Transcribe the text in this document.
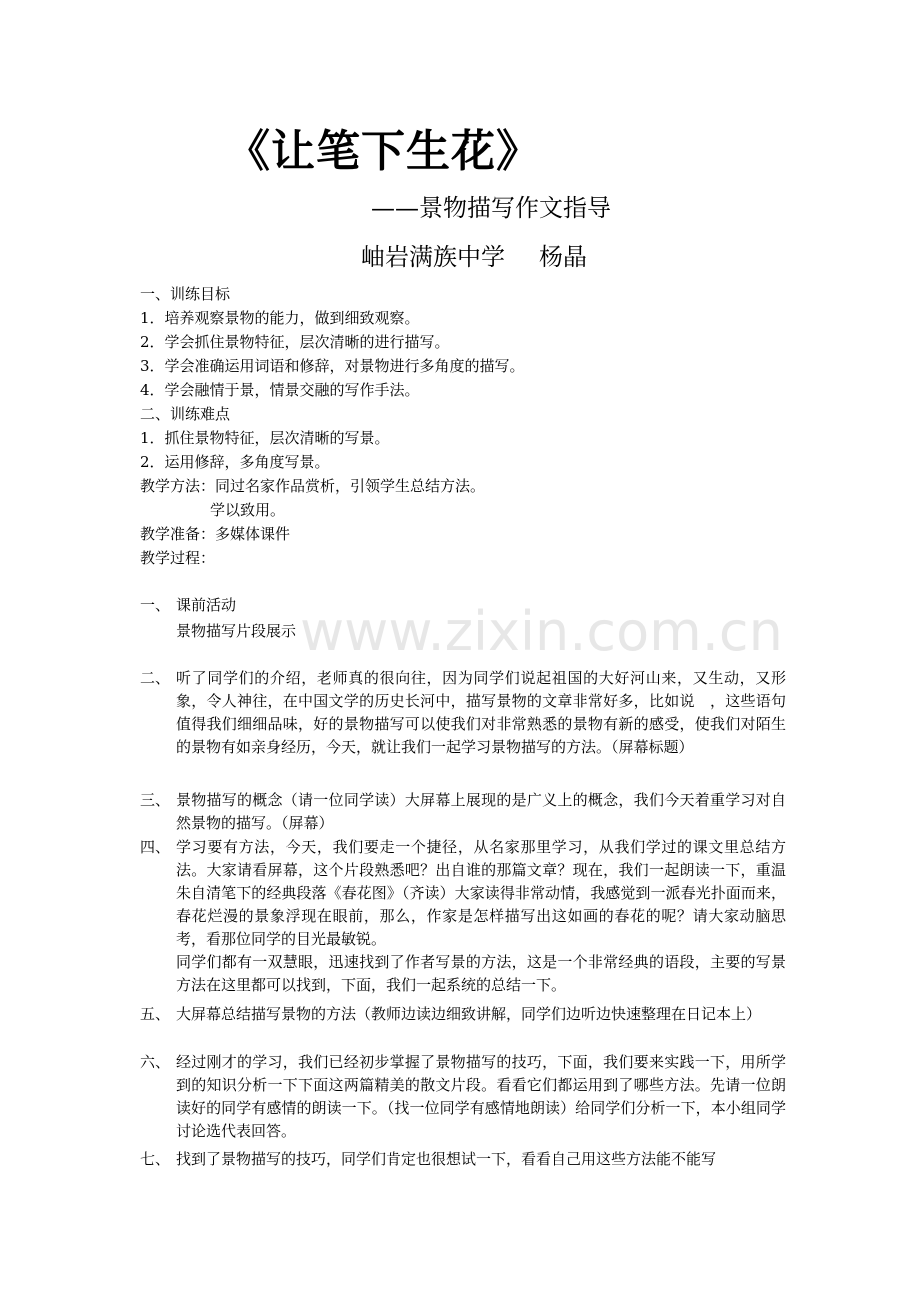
《让笔下生花》
——景物描写作文指导
岫岩满族中学 杨晶
一、训练目标
1．培养观察景物的能力，做到细致观察。
2．学会抓住景物特征，层次清晰的进行描写。
3．学会准确运用词语和修辞，对景物进行多角度的描写。
4．学会融情于景，情景交融的写作手法。
二、训练难点
1．抓住景物特征，层次清晰的写景。
2．运用修辞，多角度写景。
教学方法：同过名家作品赏析，引领学生总结方法。
学以致用。
教学准备：多媒体课件
教学过程：
一、 课前活动

景物描写片段展示
二、 听了同学们的介绍，老师真的很向往，因为同学们说起祖国的大好河山来，又生动，又形象，令人神往，在中国文学的历史长河中，描写景物的文章非常好多，比如说　，这些语句值得我们细细品味，好的景物描写可以使我们对非常熟悉的景物有新的感受，使我们对陌生的景物有如亲身经历，今天，就让我们一起学习景物描写的方法。（屏幕标题）

三、 景物描写的概念（请一位同学读）大屏幕上展现的是广义上的概念，我们今天着重学习对自然景物的描写。（屏幕）

四、 学习要有方法，今天，我们要走一个捷径，从名家那里学习，从我们学过的课文里总结方法。大家请看屏幕，这个片段熟悉吧？出自谁的那篇文章？现在，我们一起朗读一下，重温朱自清笔下的经典段落《春花图》（齐读）大家读得非常动情，我感觉到一派春光扑面而来，春花烂漫的景象浮现在眼前，那么，作家是怎样描写出这如画的春花的呢？请大家动脑思考，看那位同学的目光最敏锐。

同学们都有一双慧眼，迅速找到了作者写景的方法，这是一个非常经典的语段，主要的写景方法在这里都可以找到，下面，我们一起系统的总结一下。

五、 大屏幕总结描写景物的方法（教师边读边细致讲解，同学们边听边快速整理在日记本上）

六、 经过刚才的学习，我们已经初步掌握了景物描写的技巧，下面，我们要来实践一下，用所学到的知识分析一下下面这两篇精美的散文片段。看看它们都运用到了哪些方法。先请一位朗读好的同学有感情的朗读一下。（找一位同学有感情地朗读）给同学们分析一下，本小组同学讨论选代表回答。

七、 找到了景物描写的技巧，同学们肯定也很想试一下，看看自己用这些方法能不能写

www.zixin.com.cn
